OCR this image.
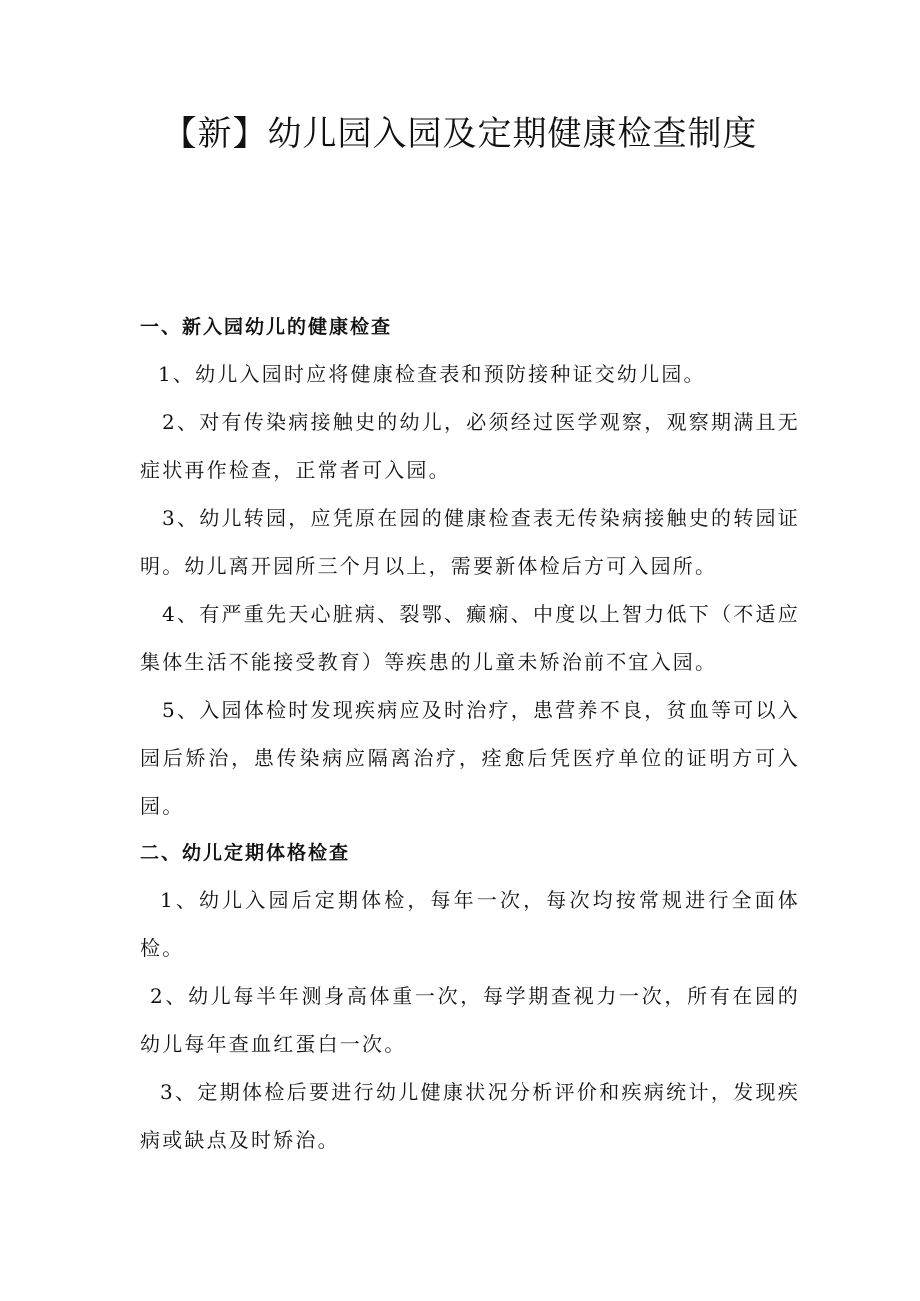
【新】幼儿园入园及定期健康检查制度

一、新入园幼儿的健康检查

1、幼儿入园时应将健康检查表和预防接种证交幼儿园。

2、对有传染病接触史的幼儿，必须经过医学观察，观察期满且无症状再作检查，正常者可入园。

3、幼儿转园，应凭原在园的健康检查表无传染病接触史的转园证明。幼儿离开园所三个月以上，需要新体检后方可入园所。

4、有严重先天心脏病、裂鄂、癫痫、中度以上智力低下（不适应集体生活不能接受教育）等疾患的儿童未矫治前不宜入园。

5、入园体检时发现疾病应及时治疗，患营养不良，贫血等可以入园后矫治，患传染病应隔离治疗，痊愈后凭医疗单位的证明方可入园。

二、幼儿定期体格检查

1、幼儿入园后定期体检，每年一次，每次均按常规进行全面体检。

2、幼儿每半年测身高体重一次，每学期查视力一次，所有在园的幼儿每年查血红蛋白一次。

3、定期体检后要进行幼儿健康状况分析评价和疾病统计，发现疾病或缺点及时矫治。
